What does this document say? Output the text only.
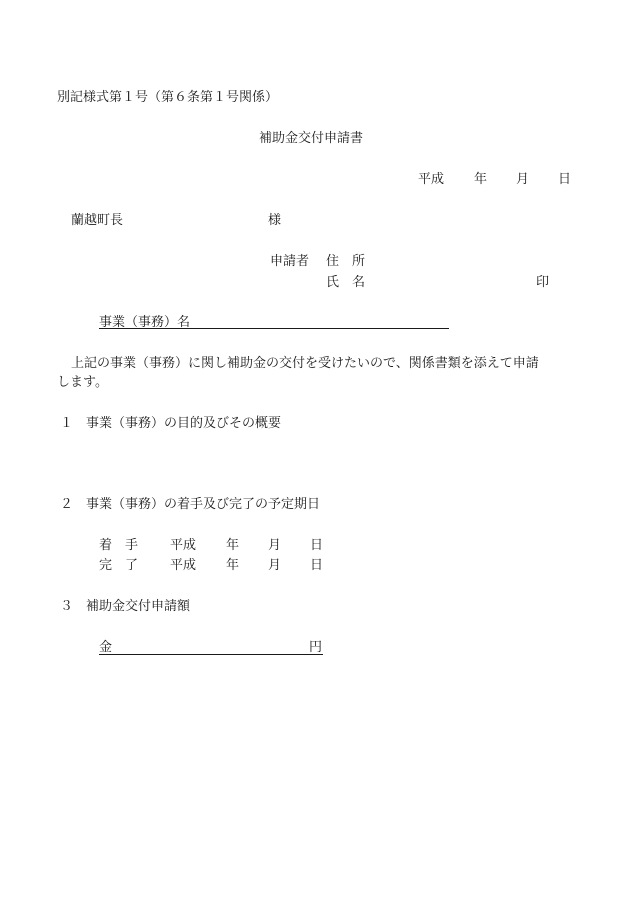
別記様式第１号（第６条第１号関係）
補助金交付申請書
平成 年 月 日
蘭越町長	様
申請者 住　所
氏　名	印
事業（事務）名
上記の事業（事務）に関し補助金の交付を受けたいので、関係書類を添えて申請
します。
１ 事業（事務）の目的及びその概要
２ 事業（事務）の着手及び完了の予定期日
着　手 平成 年 月 日
完　了 平成 年 月 日
３ 補助金交付申請額
金	円
